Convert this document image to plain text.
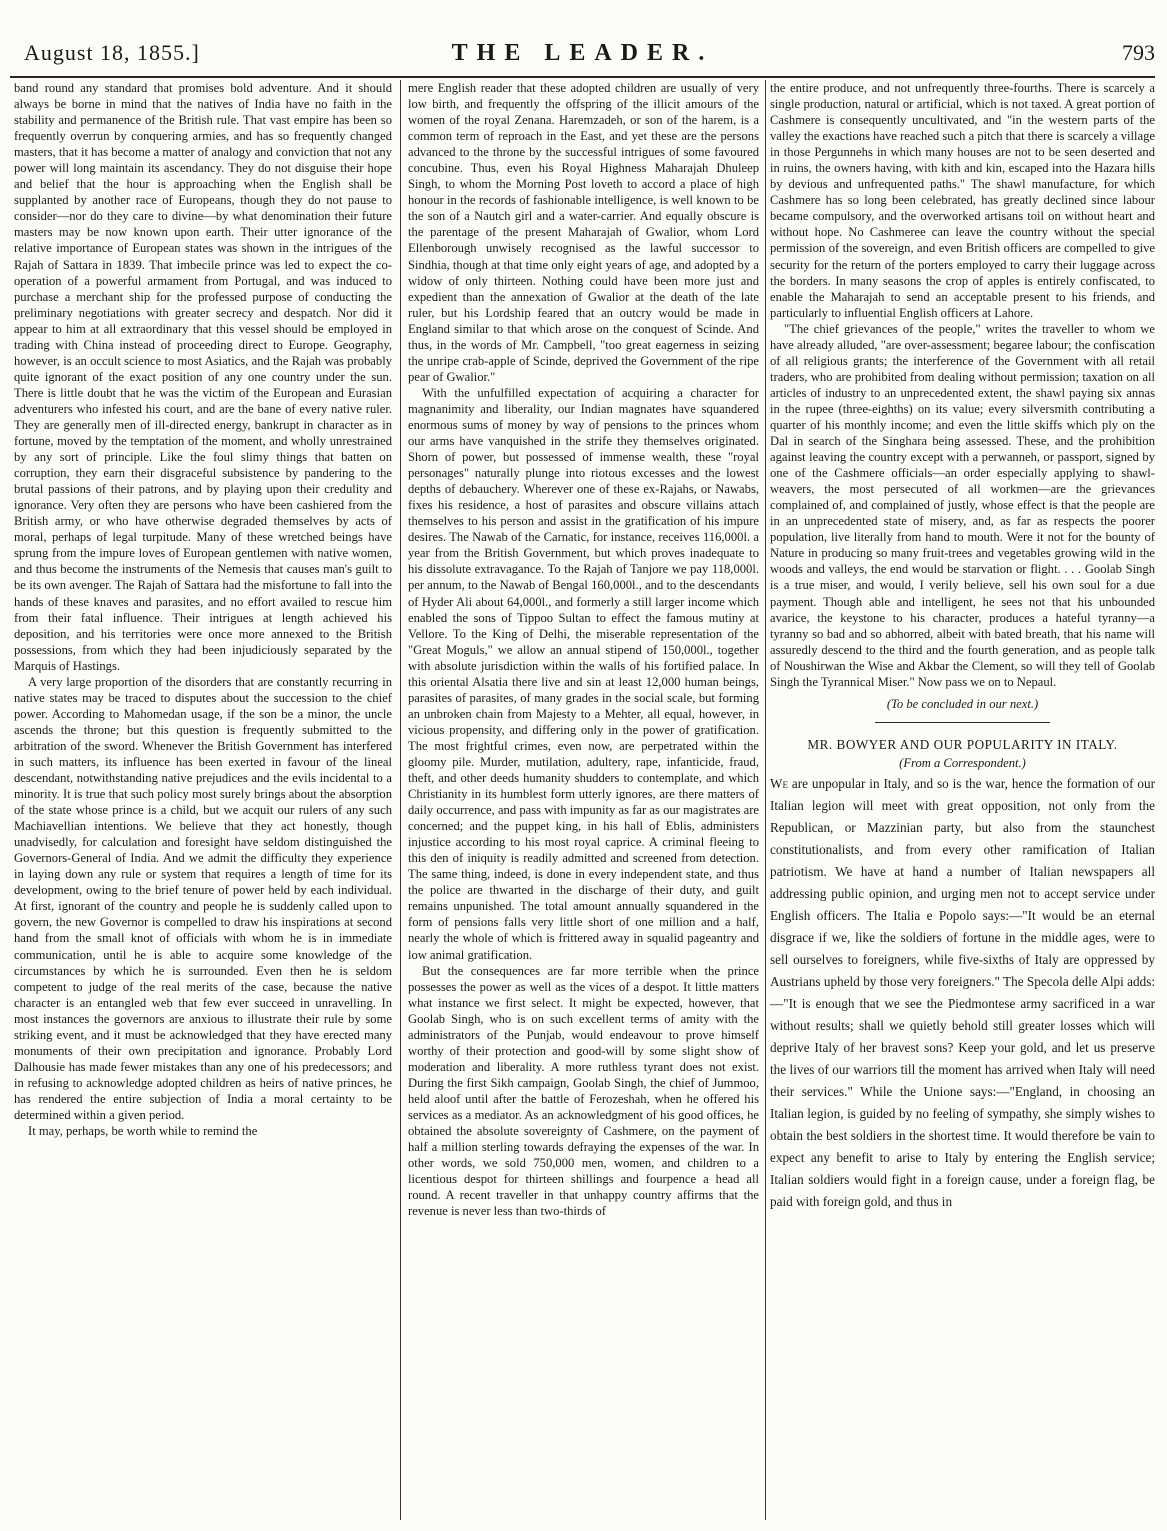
August 18, 1855.]	THE LEADER.	793

band round any standard that promises bold adventure. And it should always be borne in mind that the natives of India have no faith in the stability and permanence of the British rule. That vast empire has been so frequently overrun by conquering armies, and has so frequently changed masters, that it has become a matter of analogy and conviction that not any power will long maintain its ascendancy. They do not disguise their hope and belief that the hour is approaching when the English shall be supplanted by another race of Europeans, though they do not pause to consider—nor do they care to divine—by what denomination their future masters may be now known upon earth. Their utter ignorance of the relative importance of European states was shown in the intrigues of the Rajah of Sattara in 1839. That imbecile prince was led to expect the co-operation of a powerful armament from Portugal, and was induced to purchase a merchant ship for the professed purpose of conducting the preliminary negotiations with greater secrecy and despatch. Nor did it appear to him at all extraordinary that this vessel should be employed in trading with China instead of proceeding direct to Europe. Geography, however, is an occult science to most Asiatics, and the Rajah was probably quite ignorant of the exact position of any one country under the sun. There is little doubt that he was the victim of the European and Eurasian adventurers who infested his court, and are the bane of every native ruler. They are generally men of ill-directed energy, bankrupt in character as in fortune, moved by the temptation of the moment, and wholly unrestrained by any sort of principle. Like the foul slimy things that batten on corruption, they earn their disgraceful subsistence by pandering to the brutal passions of their patrons, and by playing upon their credulity and ignorance. Very often they are persons who have been cashiered from the British army, or who have otherwise degraded themselves by acts of moral, perhaps of legal turpitude. Many of these wretched beings have sprung from the impure loves of European gentlemen with native women, and thus become the instruments of the Nemesis that causes man's guilt to be its own avenger. The Rajah of Sattara had the misfortune to fall into the hands of these knaves and parasites, and no effort availed to rescue him from their fatal influence. Their intrigues at length achieved his deposition, and his territories were once more annexed to the British possessions, from which they had been injudiciously separated by the Marquis of Hastings.

A very large proportion of the disorders that are constantly recurring in native states may be traced to disputes about the succession to the chief power. According to Mahomedan usage, if the son be a minor, the uncle ascends the throne; but this question is frequently submitted to the arbitration of the sword. Whenever the British Government has interfered in such matters, its influence has been exerted in favour of the lineal descendant, notwithstanding native prejudices and the evils incidental to a minority. It is true that such policy most surely brings about the absorption of the state whose prince is a child, but we acquit our rulers of any such Machiavellian intentions. We believe that they act honestly, though unadvisedly, for calculation and foresight have seldom distinguished the Governors-General of India. And we admit the difficulty they experience in laying down any rule or system that requires a length of time for its development, owing to the brief tenure of power held by each individual. At first, ignorant of the country and people he is suddenly called upon to govern, the new Governor is compelled to draw his inspirations at second hand from the small knot of officials with whom he is in immediate communication, until he is able to acquire some knowledge of the circumstances by which he is surrounded. Even then he is seldom competent to judge of the real merits of the case, because the native character is an entangled web that few ever succeed in unravelling. In most instances the governors are anxious to illustrate their rule by some striking event, and it must be acknowledged that they have erected many monuments of their own precipitation and ignorance. Probably Lord Dalhousie has made fewer mistakes than any one of his predecessors; and in refusing to acknowledge adopted children as heirs of native princes, he has rendered the entire subjection of India a moral certainty to be determined within a given period.

It may, perhaps, be worth while to remind the

mere English reader that these adopted children are usually of very low birth, and frequently the offspring of the illicit amours of the women of the royal Zenana. Haremzadeh, or son of the harem, is a common term of reproach in the East, and yet these are the persons advanced to the throne by the successful intrigues of some favoured concubine. Thus, even his Royal Highness Maharajah Dhuleep Singh, to whom the Morning Post loveth to accord a place of high honour in the records of fashionable intelligence, is well known to be the son of a Nautch girl and a water-carrier. And equally obscure is the parentage of the present Maharajah of Gwalior, whom Lord Ellenborough unwisely recognised as the lawful successor to Sindhia, though at that time only eight years of age, and adopted by a widow of only thirteen. Nothing could have been more just and expedient than the annexation of Gwalior at the death of the late ruler, but his Lordship feared that an outcry would be made in England similar to that which arose on the conquest of Scinde. And thus, in the words of Mr. Campbell, "too great eagerness in seizing the unripe crab-apple of Scinde, deprived the Government of the ripe pear of Gwalior."

With the unfulfilled expectation of acquiring a character for magnanimity and liberality, our Indian magnates have squandered enormous sums of money by way of pensions to the princes whom our arms have vanquished in the strife they themselves originated. Shorn of power, but possessed of immense wealth, these "royal personages" naturally plunge into riotous excesses and the lowest depths of debauchery. Wherever one of these ex-Rajahs, or Nawabs, fixes his residence, a host of parasites and obscure villains attach themselves to his person and assist in the gratification of his impure desires. The Nawab of the Carnatic, for instance, receives 116,000l. a year from the British Government, but which proves inadequate to his dissolute extravagance. To the Rajah of Tanjore we pay 118,000l. per annum, to the Nawab of Bengal 160,000l., and to the descendants of Hyder Ali about 64,000l., and formerly a still larger income which enabled the sons of Tippoo Sultan to effect the famous mutiny at Vellore. To the King of Delhi, the miserable representation of the "Great Moguls," we allow an annual stipend of 150,000l., together with absolute jurisdiction within the walls of his fortified palace. In this oriental Alsatia there live and sin at least 12,000 human beings, parasites of parasites, of many grades in the social scale, but forming an unbroken chain from Majesty to a Mehter, all equal, however, in vicious propensity, and differing only in the power of gratification. The most frightful crimes, even now, are perpetrated within the gloomy pile. Murder, mutilation, adultery, rape, infanticide, fraud, theft, and other deeds humanity shudders to contemplate, and which Christianity in its humblest form utterly ignores, are there matters of daily occurrence, and pass with impunity as far as our magistrates are concerned; and the puppet king, in his hall of Eblis, administers injustice according to his most royal caprice. A criminal fleeing to this den of iniquity is readily admitted and screened from detection. The same thing, indeed, is done in every independent state, and thus the police are thwarted in the discharge of their duty, and guilt remains unpunished. The total amount annually squandered in the form of pensions falls very little short of one million and a half, nearly the whole of which is frittered away in squalid pageantry and low animal gratification.

But the consequences are far more terrible when the prince possesses the power as well as the vices of a despot. It little matters what instance we first select. It might be expected, however, that Goolab Singh, who is on such excellent terms of amity with the administrators of the Punjab, would endeavour to prove himself worthy of their protection and good-will by some slight show of moderation and liberality. A more ruthless tyrant does not exist. During the first Sikh campaign, Goolab Singh, the chief of Jummoo, held aloof until after the battle of Ferozeshah, when he offered his services as a mediator. As an acknowledgment of his good offices, he obtained the absolute sovereignty of Cashmere, on the payment of half a million sterling towards defraying the expenses of the war. In other words, we sold 750,000 men, women, and children to a licentious despot for thirteen shillings and fourpence a head all round. A recent traveller in that unhappy country affirms that the revenue is never less than two-thirds of

the entire produce, and not unfrequently three-fourths. There is scarcely a single production, natural or artificial, which is not taxed. A great portion of Cashmere is consequently uncultivated, and "in the western parts of the valley the exactions have reached such a pitch that there is scarcely a village in those Pergunnehs in which many houses are not to be seen deserted and in ruins, the owners having, with kith and kin, escaped into the Hazara hills by devious and unfrequented paths." The shawl manufacture, for which Cashmere has so long been celebrated, has greatly declined since labour became compulsory, and the overworked artisans toil on without heart and without hope. No Cashmeree can leave the country without the special permission of the sovereign, and even British officers are compelled to give security for the return of the porters employed to carry their luggage across the borders. In many seasons the crop of apples is entirely confiscated, to enable the Maharajah to send an acceptable present to his friends, and particularly to influential English officers at Lahore.

"The chief grievances of the people," writes the traveller to whom we have already alluded, "are over-assessment; begaree labour; the confiscation of all religious grants; the interference of the Government with all retail traders, who are prohibited from dealing without permission; taxation on all articles of industry to an unprecedented extent, the shawl paying six annas in the rupee (three-eighths) on its value; every silversmith contributing a quarter of his monthly income; and even the little skiffs which ply on the Dal in search of the Singhara being assessed. These, and the prohibition against leaving the country except with a perwanneh, or passport, signed by one of the Cashmere officials—an order especially applying to shawl-weavers, the most persecuted of all workmen—are the grievances complained of, and complained of justly, whose effect is that the people are in an unprecedented state of misery, and, as far as respects the poorer population, live literally from hand to mouth. Were it not for the bounty of Nature in producing so many fruit-trees and vegetables growing wild in the woods and valleys, the end would be starvation or flight. . . . Goolab Singh is a true miser, and would, I verily believe, sell his own soul for a due payment. Though able and intelligent, he sees not that his unbounded avarice, the keystone to his character, produces a hateful tyranny—a tyranny so bad and so abhorred, albeit with bated breath, that his name will assuredly descend to the third and the fourth generation, and as people talk of Noushirwan the Wise and Akbar the Clement, so will they tell of Goolab Singh the Tyrannical Miser." Now pass we on to Nepaul.

(To be concluded in our next.)
MR. BOWYER AND OUR POPULARITY IN ITALY.
(From a Correspondent.)

We are unpopular in Italy, and so is the war, hence the formation of our Italian legion will meet with great opposition, not only from the Republican, or Mazzinian party, but also from the staunchest constitutionalists, and from every other ramification of Italian patriotism. We have at hand a number of Italian newspapers all addressing public opinion, and urging men not to accept service under English officers. The Italia e Popolo says:—"It would be an eternal disgrace if we, like the soldiers of fortune in the middle ages, were to sell ourselves to foreigners, while five-sixths of Italy are oppressed by Austrians upheld by those very foreigners." The Specola delle Alpi adds:—"It is enough that we see the Piedmontese army sacrificed in a war without results; shall we quietly behold still greater losses which will deprive Italy of her bravest sons? Keep your gold, and let us preserve the lives of our warriors till the moment has arrived when Italy will need their services." While the Unione says:—"England, in choosing an Italian legion, is guided by no feeling of sympathy, she simply wishes to obtain the best soldiers in the shortest time. It would therefore be vain to expect any benefit to arise to Italy by entering the English service; Italian soldiers would fight in a foreign cause, under a foreign flag, be paid with foreign gold, and thus in
